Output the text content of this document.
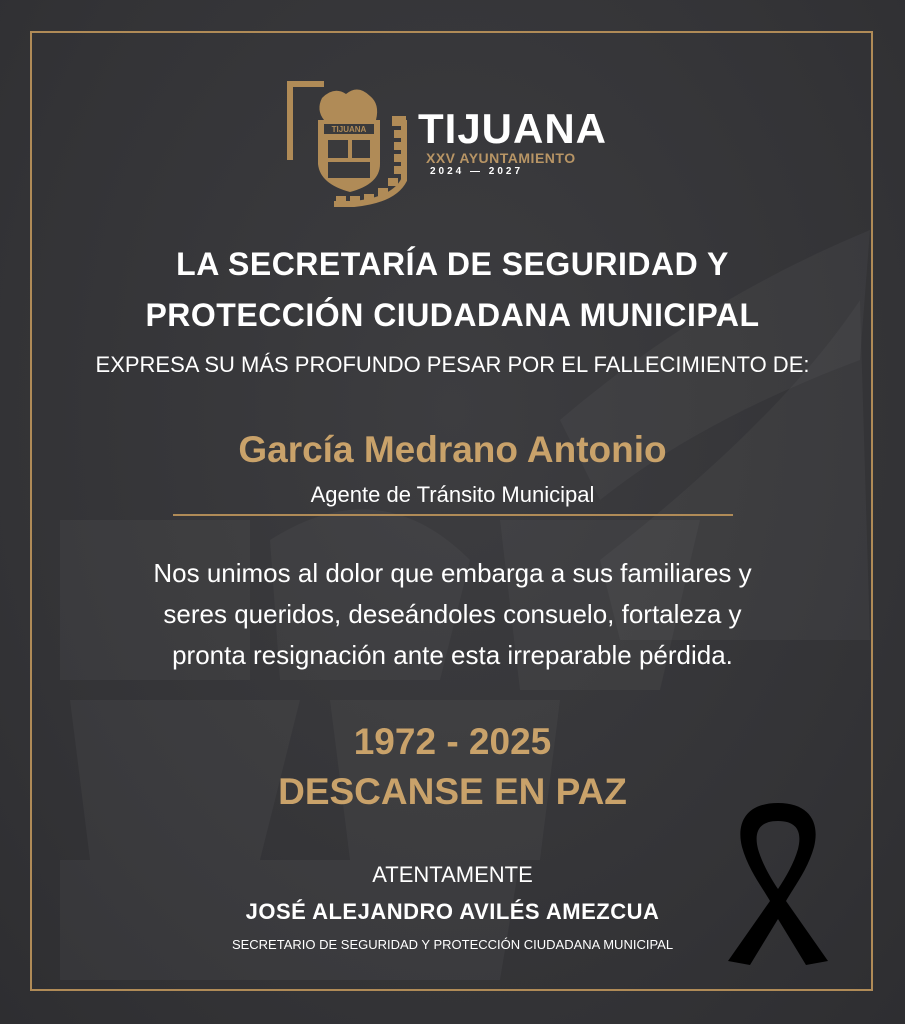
TIJUANA TIJUANA
XXV AYUNTAMIENTO
2024 — 2027
LA SECRETARÍA DE SEGURIDAD Y
PROTECCIÓN CIUDADANA MUNICIPAL
EXPRESA SU MÁS PROFUNDO PESAR POR EL FALLECIMIENTO DE:
García Medrano Antonio
Agente de Tránsito Municipal
Nos unimos al dolor que embarga a sus familiares y
seres queridos, deseándoles consuelo, fortaleza y
pronta resignación ante esta irreparable pérdida.
1972 - 2025
DESCANSE EN PAZ
ATENTAMENTE
JOSÉ ALEJANDRO AVILÉS AMEZCUA
SECRETARIO DE SEGURIDAD Y PROTECCIÓN CIUDADANA MUNICIPAL
